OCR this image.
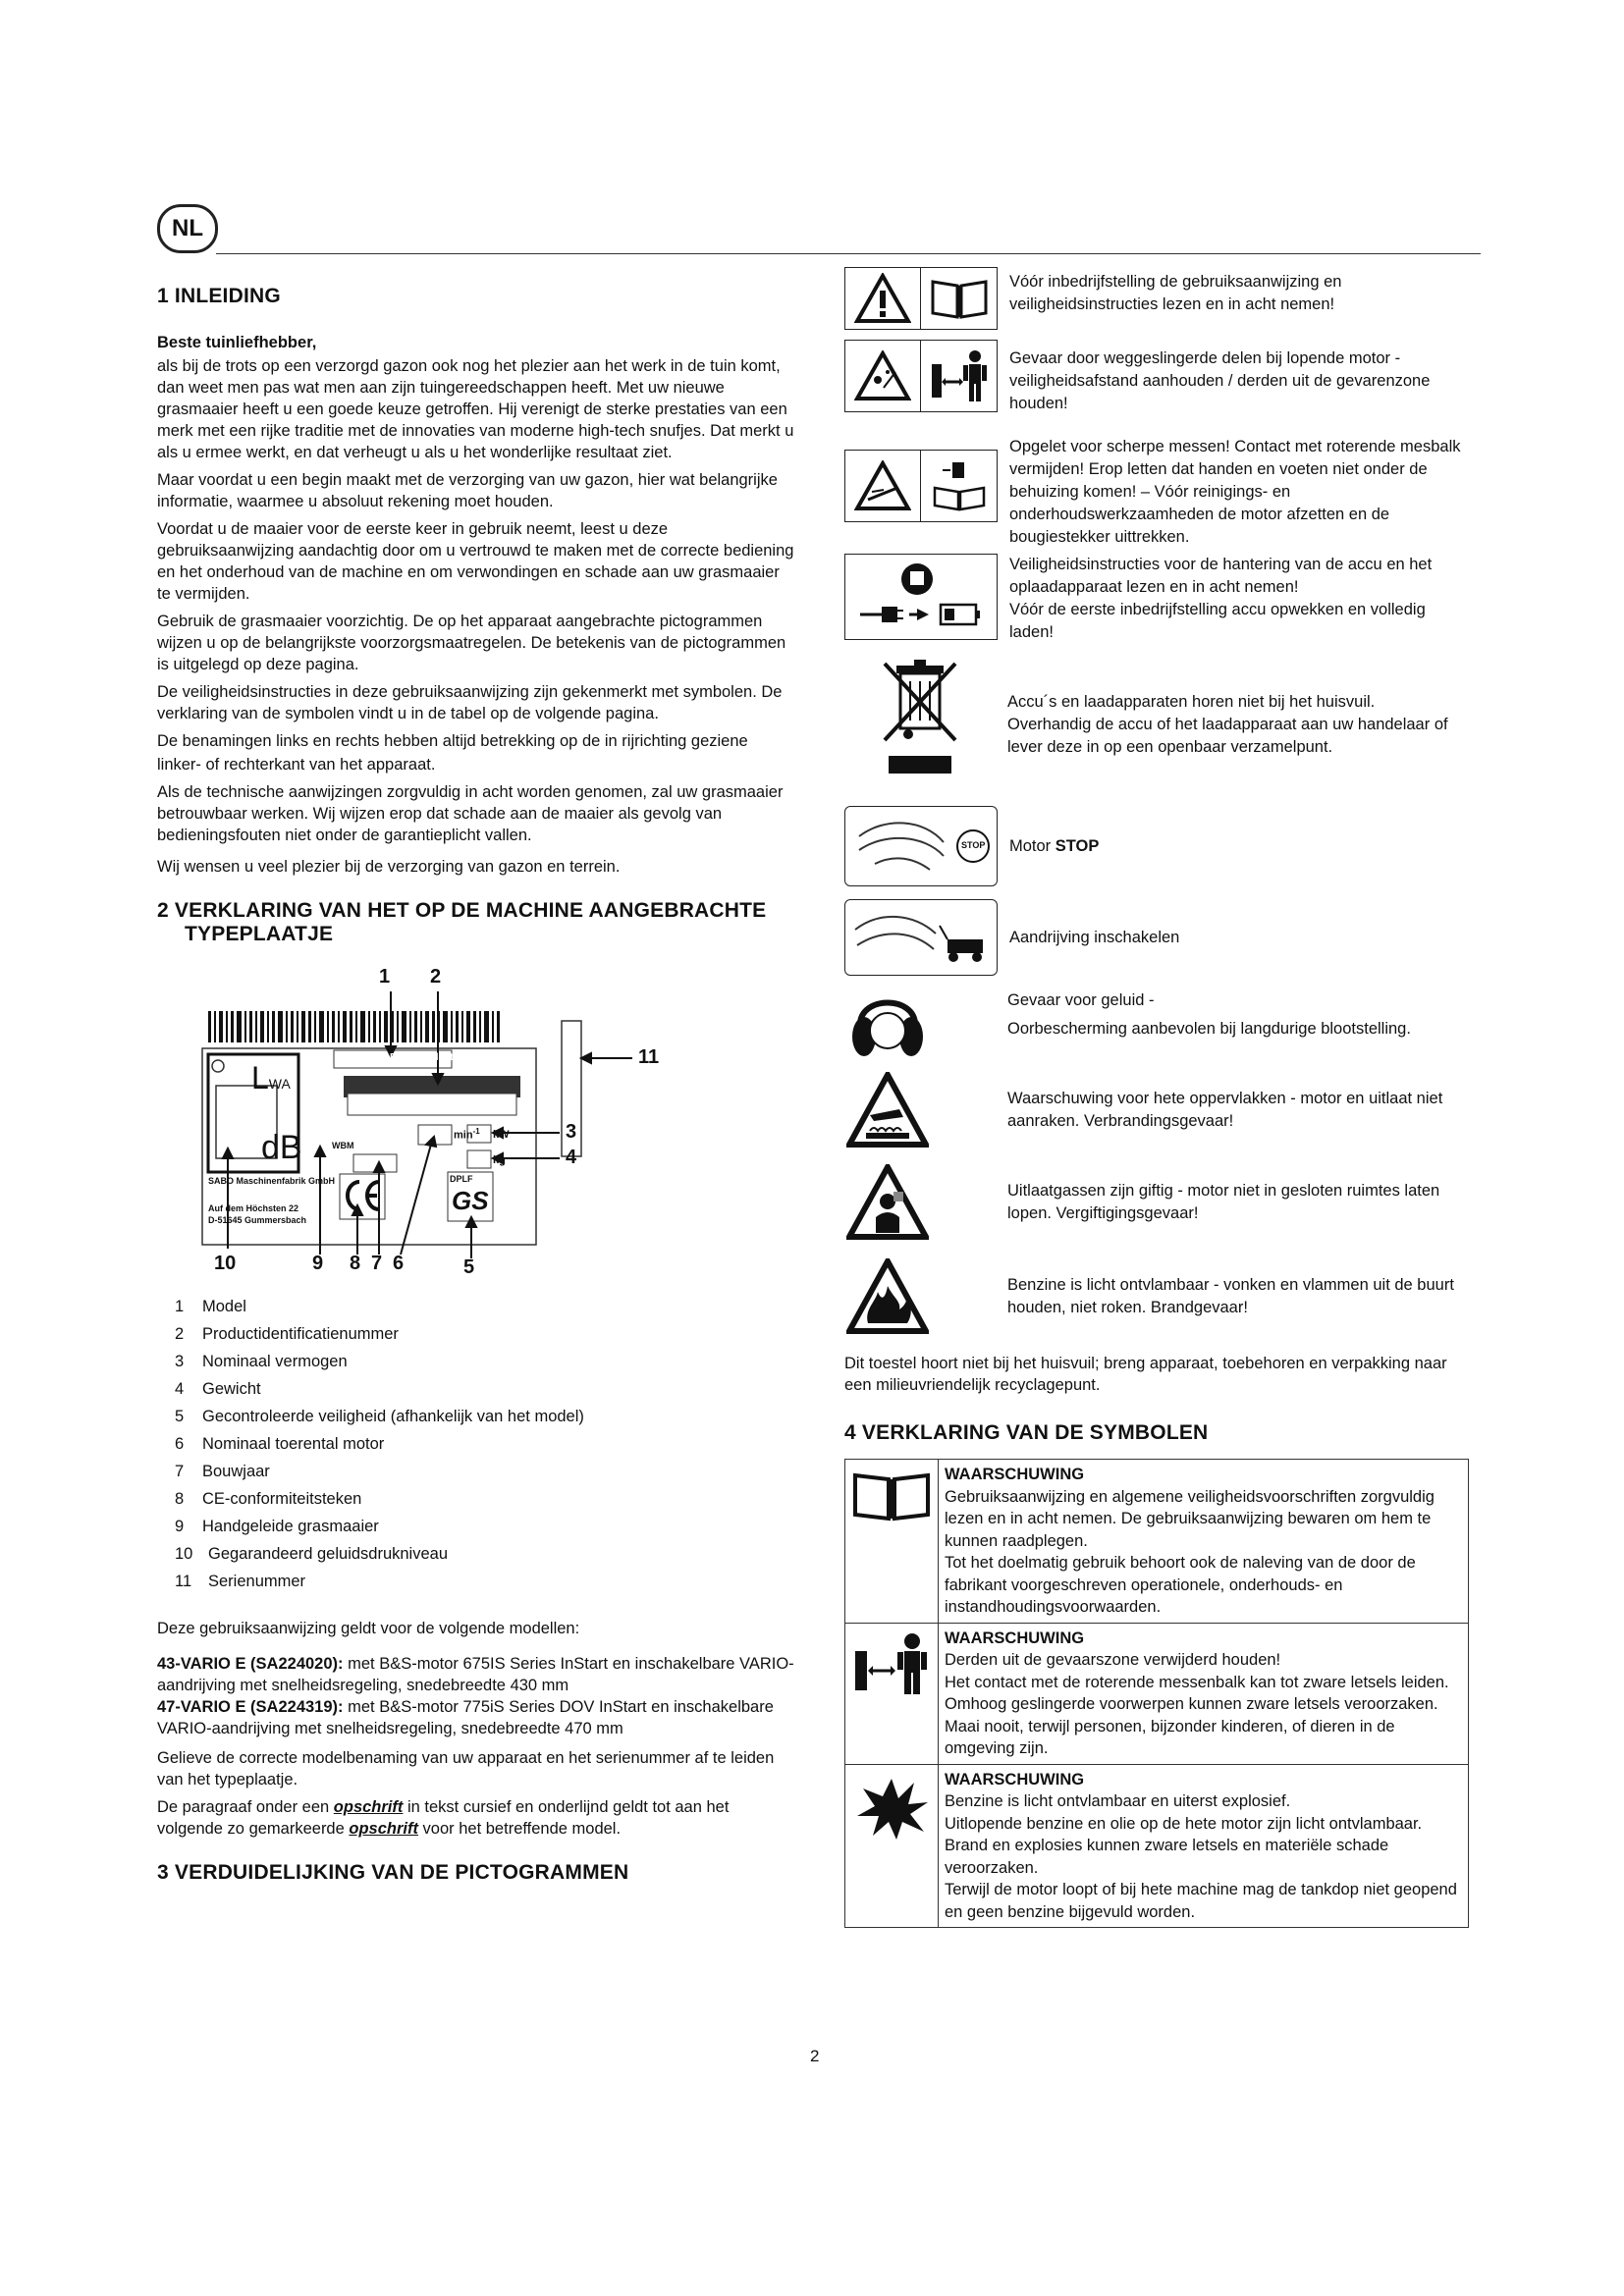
NL
1 INLEIDING

Beste tuinliefhebber,

als bij de trots op een verzorgd gazon ook nog het plezier aan het werk in de tuin komt, dan weet men pas wat men aan zijn tuingereedschappen heeft. Met uw nieuwe grasmaaier heeft u een goede keuze getroffen. Hij verenigt de sterke prestaties van een merk met een rijke traditie met de innovaties van moderne high-tech snufjes. Dat merkt u als u ermee werkt, en dat verheugt u als u het wonderlijke resultaat ziet.

Maar voordat u een begin maakt met de verzorging van uw gazon, hier wat belangrijke informatie, waarmee u absoluut rekening moet houden.

Voordat u de maaier voor de eerste keer in gebruik neemt, leest u deze gebruiksaanwijzing aandachtig door om u vertrouwd te maken met de correcte bediening en het onderhoud van de machine en om verwondingen en schade aan uw grasmaaier te vermijden.

Gebruik de grasmaaier voorzichtig. De op het apparaat aangebrachte pictogrammen wijzen u op de belangrijkste voorzorgsmaatregelen. De betekenis van de pictogrammen is uitgelegd op deze pagina.

De veiligheidsinstructies in deze gebruiksaanwijzing zijn gekenmerkt met symbolen. De verklaring van de symbolen vindt u in de tabel op de volgende pagina.

De benamingen links en rechts hebben altijd betrekking op de in rijrichting geziene

linker- of rechterkant van het apparaat.

Als de technische aanwijzingen zorgvuldig in acht worden genomen, zal uw grasmaaier betrouwbaar werken. Wij wijzen erop dat schade aan de maaier als gevolg van bedieningsfouten niet onder de garantieplicht vallen.

Wij wensen u veel plezier bij de verzorging van gazon en terrein.

2 VERKLARING VAN HET OP DE MACHINE AANGEBRACHTE
TYPEPLAATJE
Product Identification Number
LWA
dB	$\min^{-1}$ kW
kg
WBM
DPLF
GS
SABO Maschinenfabrik GmbH
Auf dem Höchsten 22
D-51645 Gummersbach
1 2
11
3
4
10	9 8 7 6	5
1	Model
2	Productidentificatienummer
3	Nominaal vermogen
4	Gewicht
5	Gecontroleerde veiligheid (afhankelijk van het model)
6	Nominaal toerental motor
7	Bouwjaar
8	CE-conformiteitsteken
9	Handgeleide grasmaaier
10 Gegarandeerd geluidsdrukniveau
11	Serienummer

Deze gebruiksaanwijzing geldt voor de volgende modellen:

43-VARIO E (SA224020): met B&S-motor 675IS Series InStart en inschakelbare VARIO-aandrijving met snelheidsregeling, snedebreedte 430 mm

47-VARIO E (SA224319): met B&S-motor 775iS Series DOV InStart en inschakelbare VARIO-aandrijving met snelheidsregeling, snedebreedte 470 mm

Gelieve de correcte modelbenaming van uw apparaat en het serienummer af te leiden van het typeplaatje.

De paragraaf onder een opschrift in tekst cursief en onderlijnd geldt tot aan het volgende zo gemarkeerde opschrift voor het betreffende model.

3 VERDUIDELIJKING VAN DE PICTOGRAMMEN
Vóór inbedrijfstelling de gebruiksaanwijzing en veiligheidsinstructies lezen en in acht nemen!
Gevaar door weggeslingerde delen bij lopende motor - veiligheidsafstand aanhouden / derden uit de gevarenzone houden!
Opgelet voor scherpe messen! Contact met roterende mesbalk vermijden! Erop letten dat handen en voeten niet onder de behuizing komen! – Vóór reinigings- en onderhoudswerkzaamheden de motor afzetten en de bougiestekker uittrekken.
Veiligheidsinstructies voor de hantering van de accu en het oplaadapparaat lezen en in acht nemen!
Vóór de eerste inbedrijfstelling accu opwekken en volledig laden!
Accu´s en laadapparaten horen niet bij het huisvuil.
Overhandig de accu of het laadapparaat aan uw handelaar of lever deze in op een openbaar verzamelpunt.
STOP Motor STOP
Aandrijving inschakelen
Gevaar voor geluid -
Oorbescherming aanbevolen bij langdurige blootstelling.
Waarschuwing voor hete oppervlakken - motor en uitlaat niet aanraken. Verbrandingsgevaar!
Uitlaatgassen zijn giftig - motor niet in gesloten ruimtes laten lopen. Vergiftigingsgevaar!
Benzine is licht ontvlambaar - vonken en vlammen uit de buurt houden, niet roken. Brandgevaar!

Dit toestel hoort niet bij het huisvuil; breng apparaat, toebehoren en verpakking naar een milieuvriendelijk recyclagepunt.

4 VERKLARING VAN DE SYMBOLEN

WAARSCHUWING
Gebruiksaanwijzing en algemene veiligheidsvoorschriften zorgvuldig lezen en in acht nemen. De gebruiksaanwijzing bewaren om hem te kunnen raadplegen.
Tot het doelmatig gebruik behoort ook de naleving van de door de fabrikant voorgeschreven operationele, onderhouds- en instandhoudingsvoorwaarden.

WAARSCHUWING
Derden uit de gevaarszone verwijderd houden!
Het contact met de roterende messenbalk kan tot zware letsels leiden.
Omhoog geslingerde voorwerpen kunnen zware letsels veroorzaken.
Maai nooit, terwijl personen, bijzonder kinderen, of dieren in de omgeving zijn.

WAARSCHUWING
Benzine is licht ontvlambaar en uiterst explosief.
Uitlopende benzine en olie op de hete motor zijn licht ontvlambaar.
Brand en explosies kunnen zware letsels en materiële schade veroorzaken.
Terwijl de motor loopt of bij hete machine mag de tankdop niet geopend en geen benzine bijgevuld worden.
2
